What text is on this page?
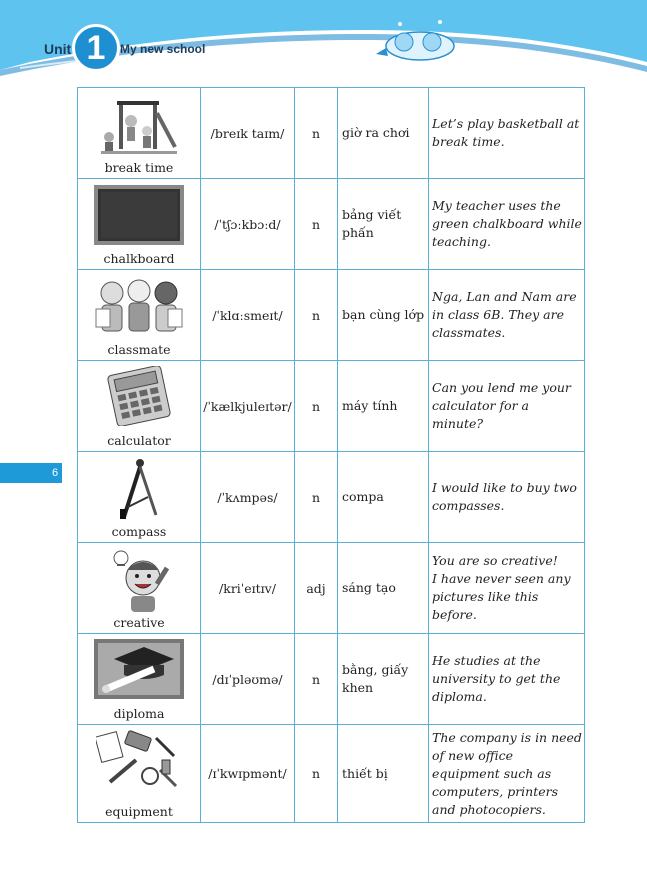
Unit 1	My new school
6
break time	/breɪk taɪm/	n	giờ ra chơi	Let’s play basketball at break time.

chalkboard	/ˈtʃɔːkbɔːd/	n	bảng viết phấn	My teacher uses the green chalkboard while teaching.

classmate	/ˈklɑːsmeɪt/	n	bạn cùng lớp	Nga, Lan and Nam are in class 6B. They are classmates.

calculator	/ˈkælkjuleɪtər/	n	máy tính	Can you lend me your calculator for a minute?

compass	/ˈkʌmpəs/	n	compa	I would like to buy two compasses.

creative	/kriˈeɪtɪv/	adj	sáng tạo	You are so creative!
I have never seen any pictures like this before.

diploma	/dɪˈpləʊmə/	n	bằng, giấy khen	He studies at the university to get the diploma.

equipment	/ɪˈkwɪpmənt/	n	thiết bị	The company is in need of new office equipment such as computers, printers and photocopiers.
